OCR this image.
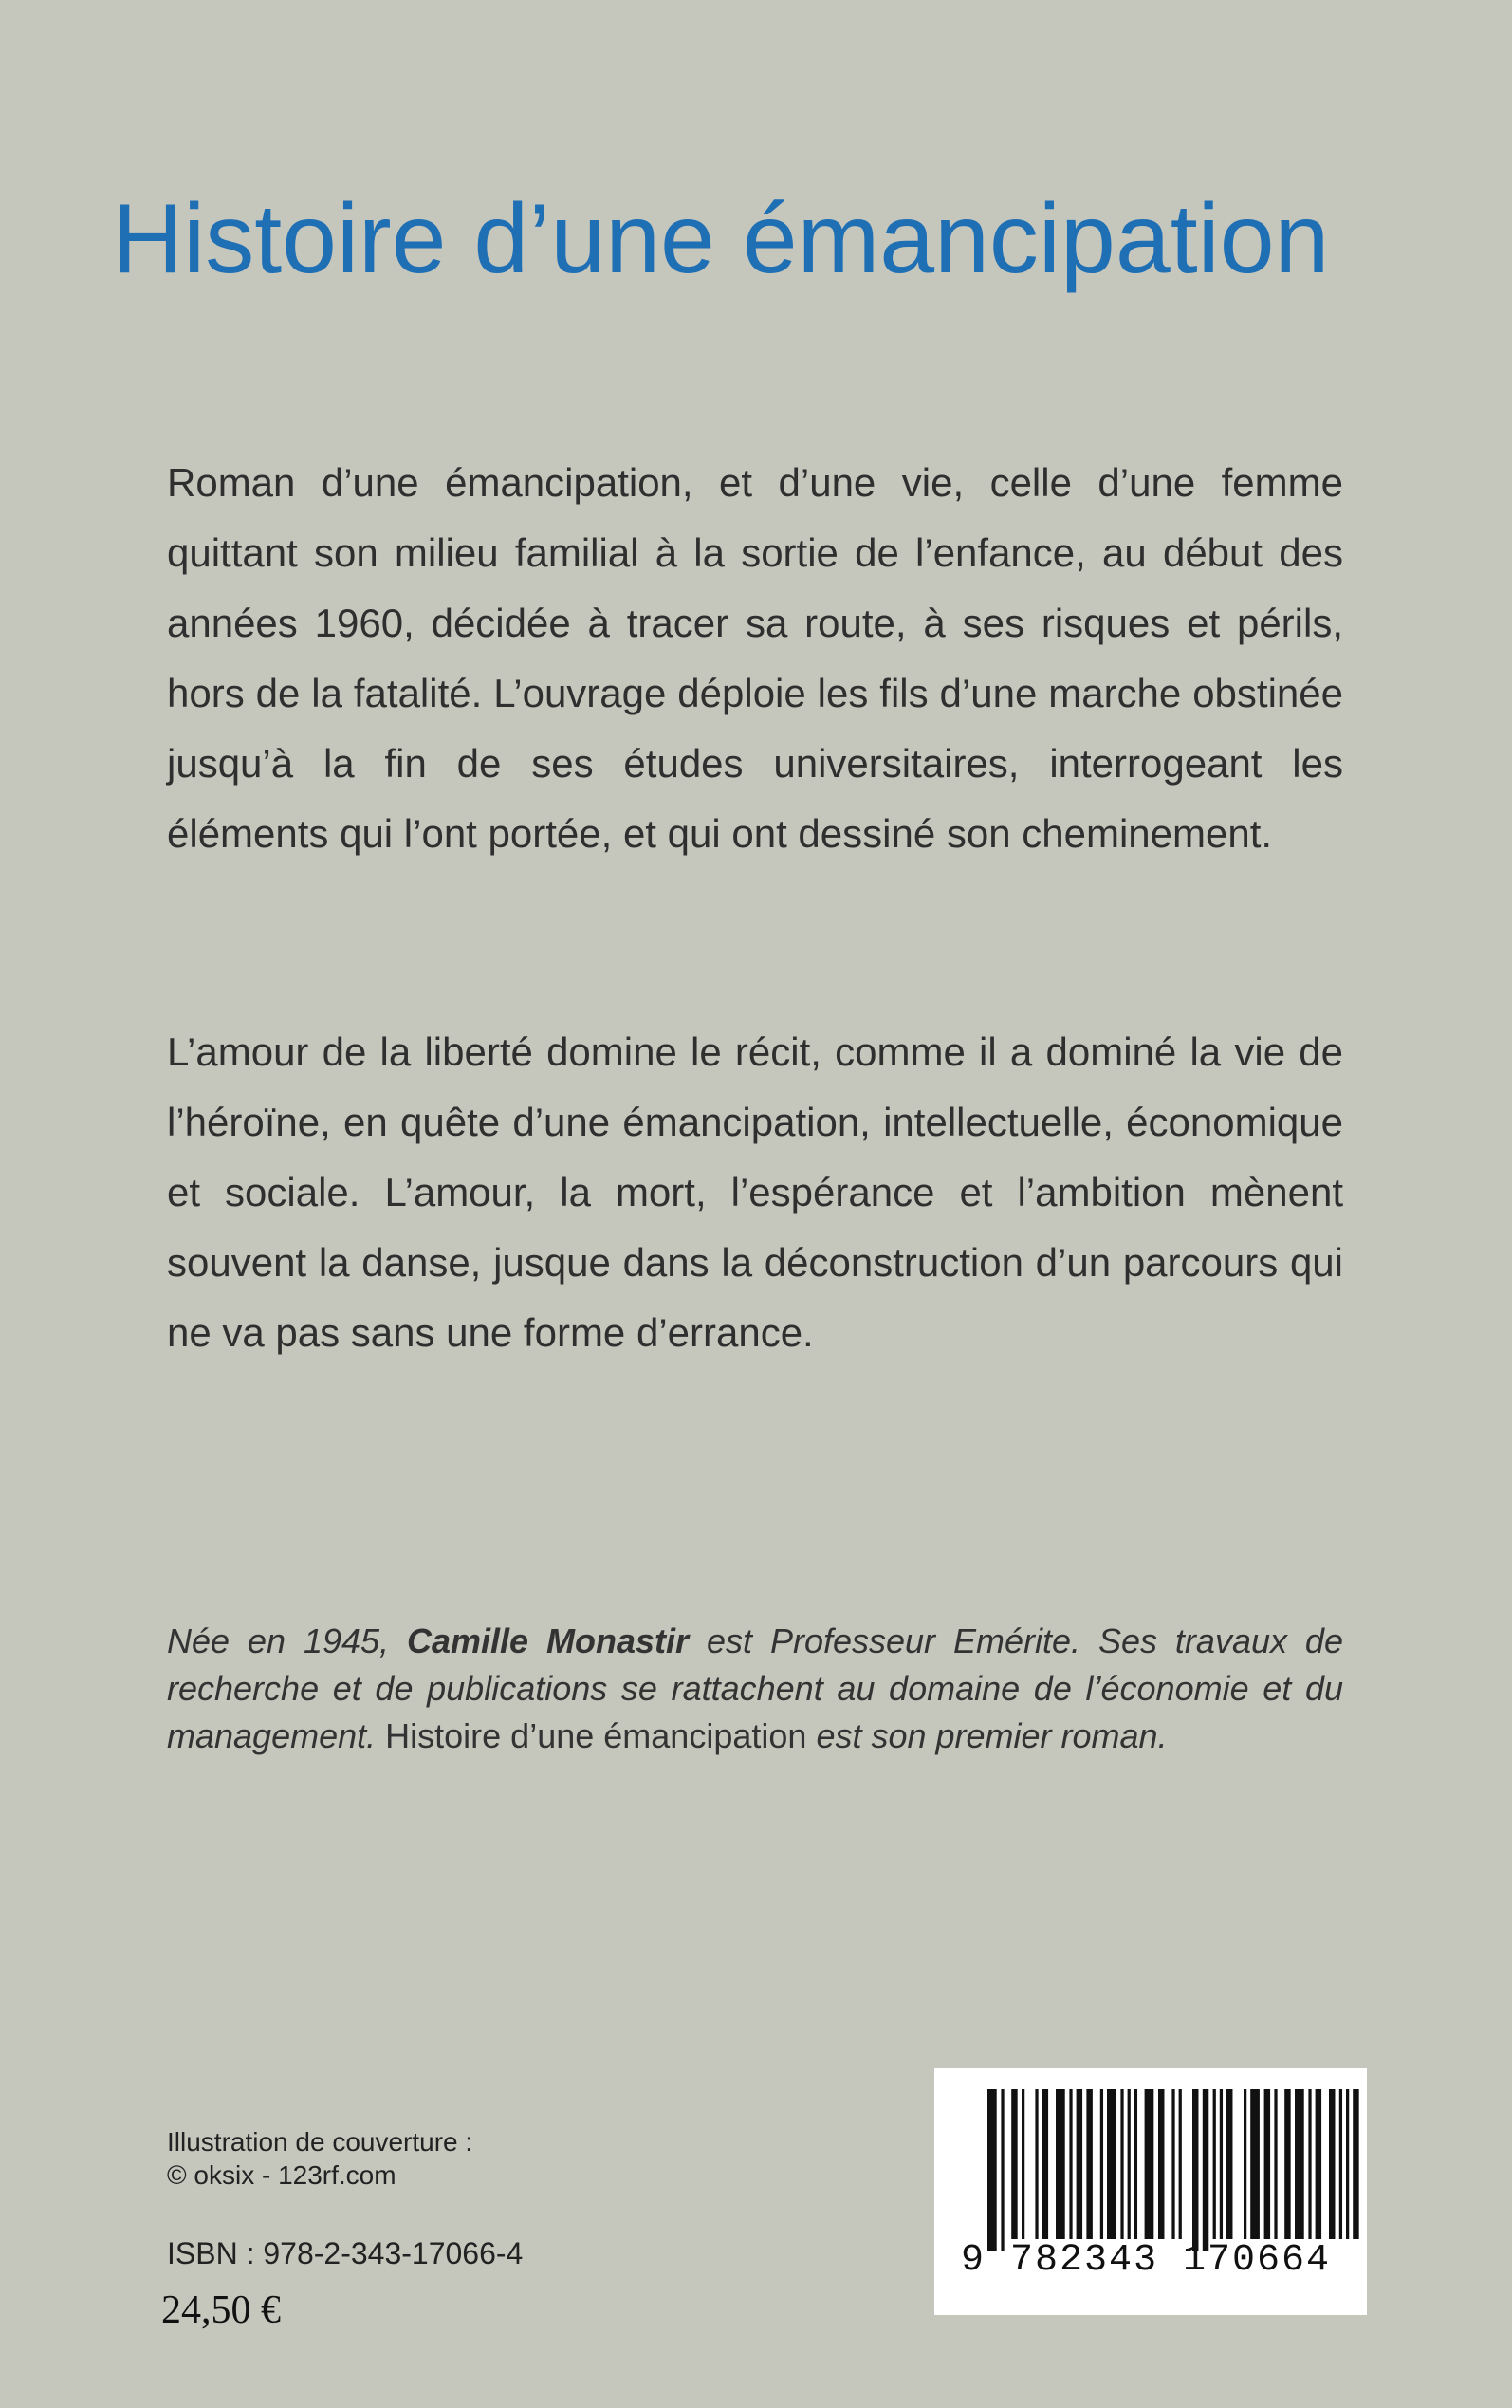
Histoire d’une émancipation

Roman d’une émancipation, et d’une vie, celle d’une femme quittant son milieu familial à la sortie de l’enfance, au début des années 1960, décidée à tracer sa route, à ses risques et périls, hors de la fatalité. L’ouvrage déploie les fils d’une marche obstinée jusqu’à la fin de ses études universitaires, interrogeant les éléments qui l’ont portée, et qui ont dessiné son cheminement.

L’amour de la liberté domine le récit, comme il a dominé la vie de l’héroïne, en quête d’une émancipation, intellectuelle, économique et sociale. L’amour, la mort, l’espérance et l’ambition mènent souvent la danse, jusque dans la déconstruction d’un parcours qui ne va pas sans une forme d’errance.

Née en 1945, Camille Monastir est Professeur Emérite. Ses travaux de recherche et de publications se rattachent au domaine de l’économie et du management. Histoire d’une émancipation est son premier roman.

Illustration de couverture :
© oksix - 123rf.com
ISBN : 978-2-343-17066-4
24,50 €
9 782343 170664
